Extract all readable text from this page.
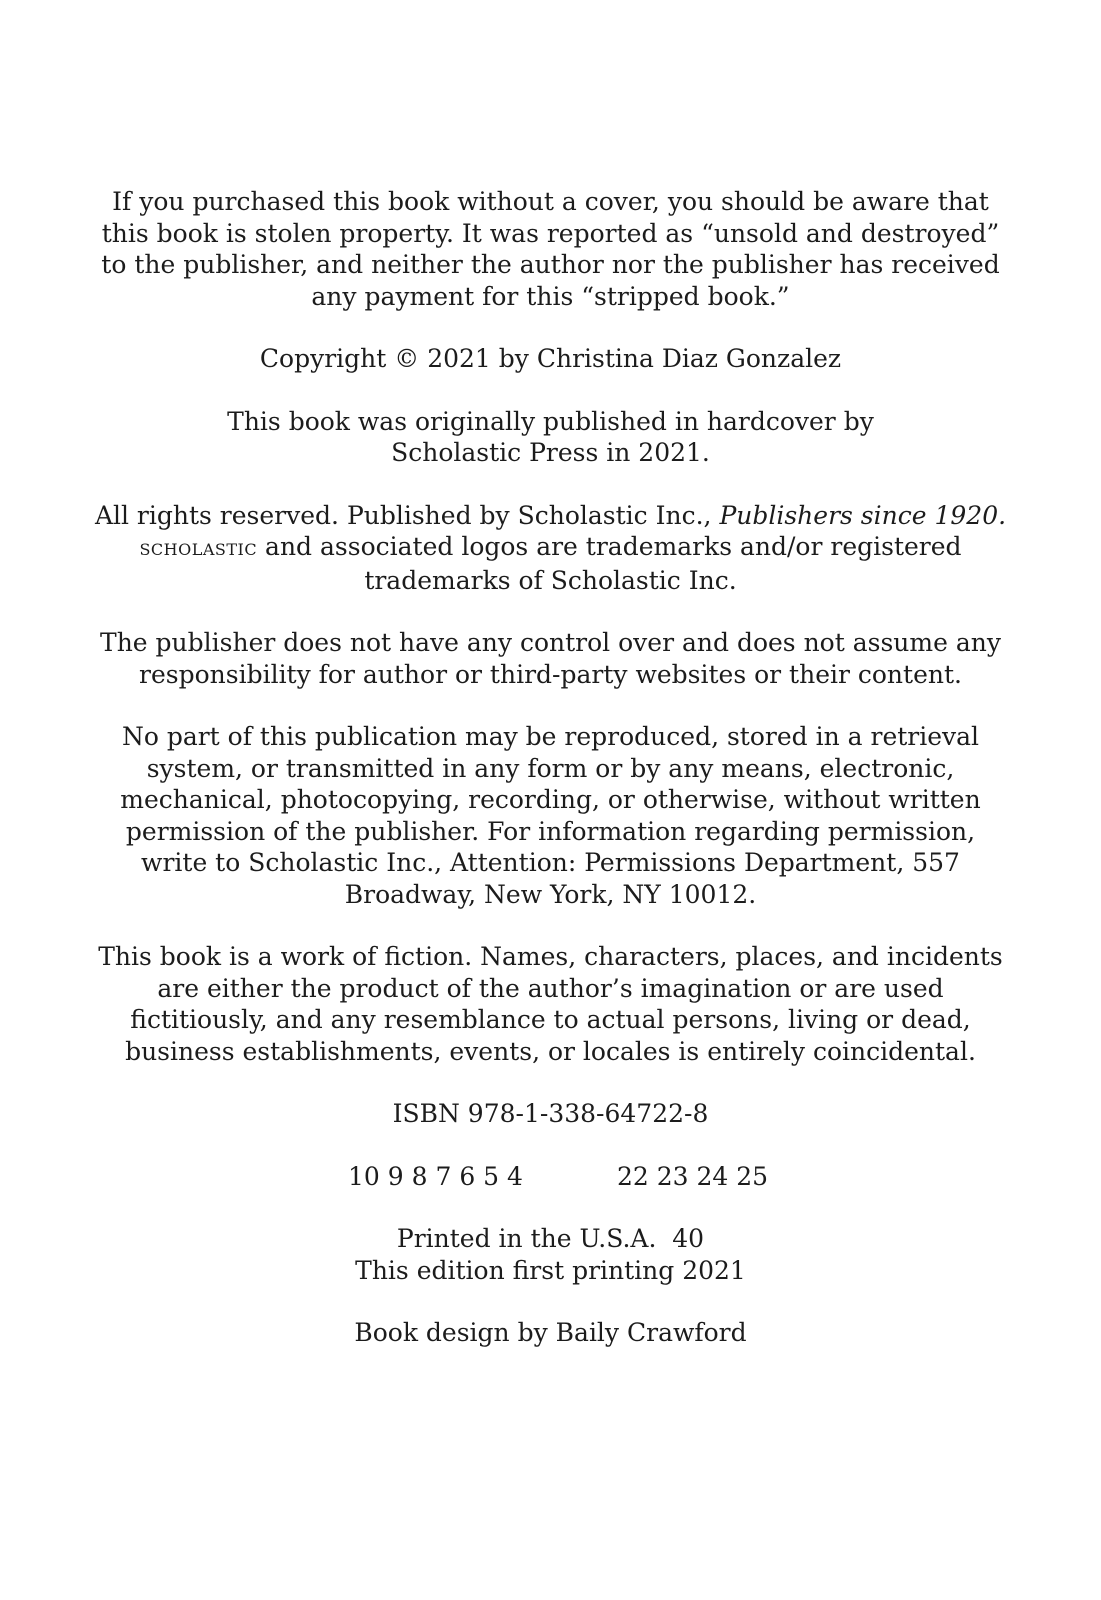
If you purchased this book without a cover, you should be aware that
this book is stolen property. It was reported as “unsold and destroyed”
to the publisher, and neither the author nor the publisher has received
any payment for this “stripped book.”
Copyright © 2021 by Christina Diaz Gonzalez
This book was originally published in hardcover by
Scholastic Press in 2021.
All rights reserved. Published by Scholastic Inc., Publishers since 1920.
scholastic and associated logos are trademarks and/or registered
trademarks of Scholastic Inc.
The publisher does not have any control over and does not assume any
responsibility for author or third-party websites or their content.
No part of this publication may be reproduced, stored in a retrieval
system, or transmitted in any form or by any means, electronic,
mechanical, photocopying, recording, or otherwise, without written
permission of the publisher. For information regarding permission,
write to Scholastic Inc., Attention: Permissions Department, 557
Broadway, New York, NY 10012.
This book is a work of fiction. Names, characters, places, and incidents
are either the product of the author’s imagination or are used
fictitiously, and any resemblance to actual persons, living or dead,
business establishments, events, or locales is entirely coincidental.
ISBN 978-1-338-64722-8
10 9 8 7 6 5 4	22 23 24 25
Printed in the U.S.A.  40
This edition first printing 2021
Book design by Baily Crawford
